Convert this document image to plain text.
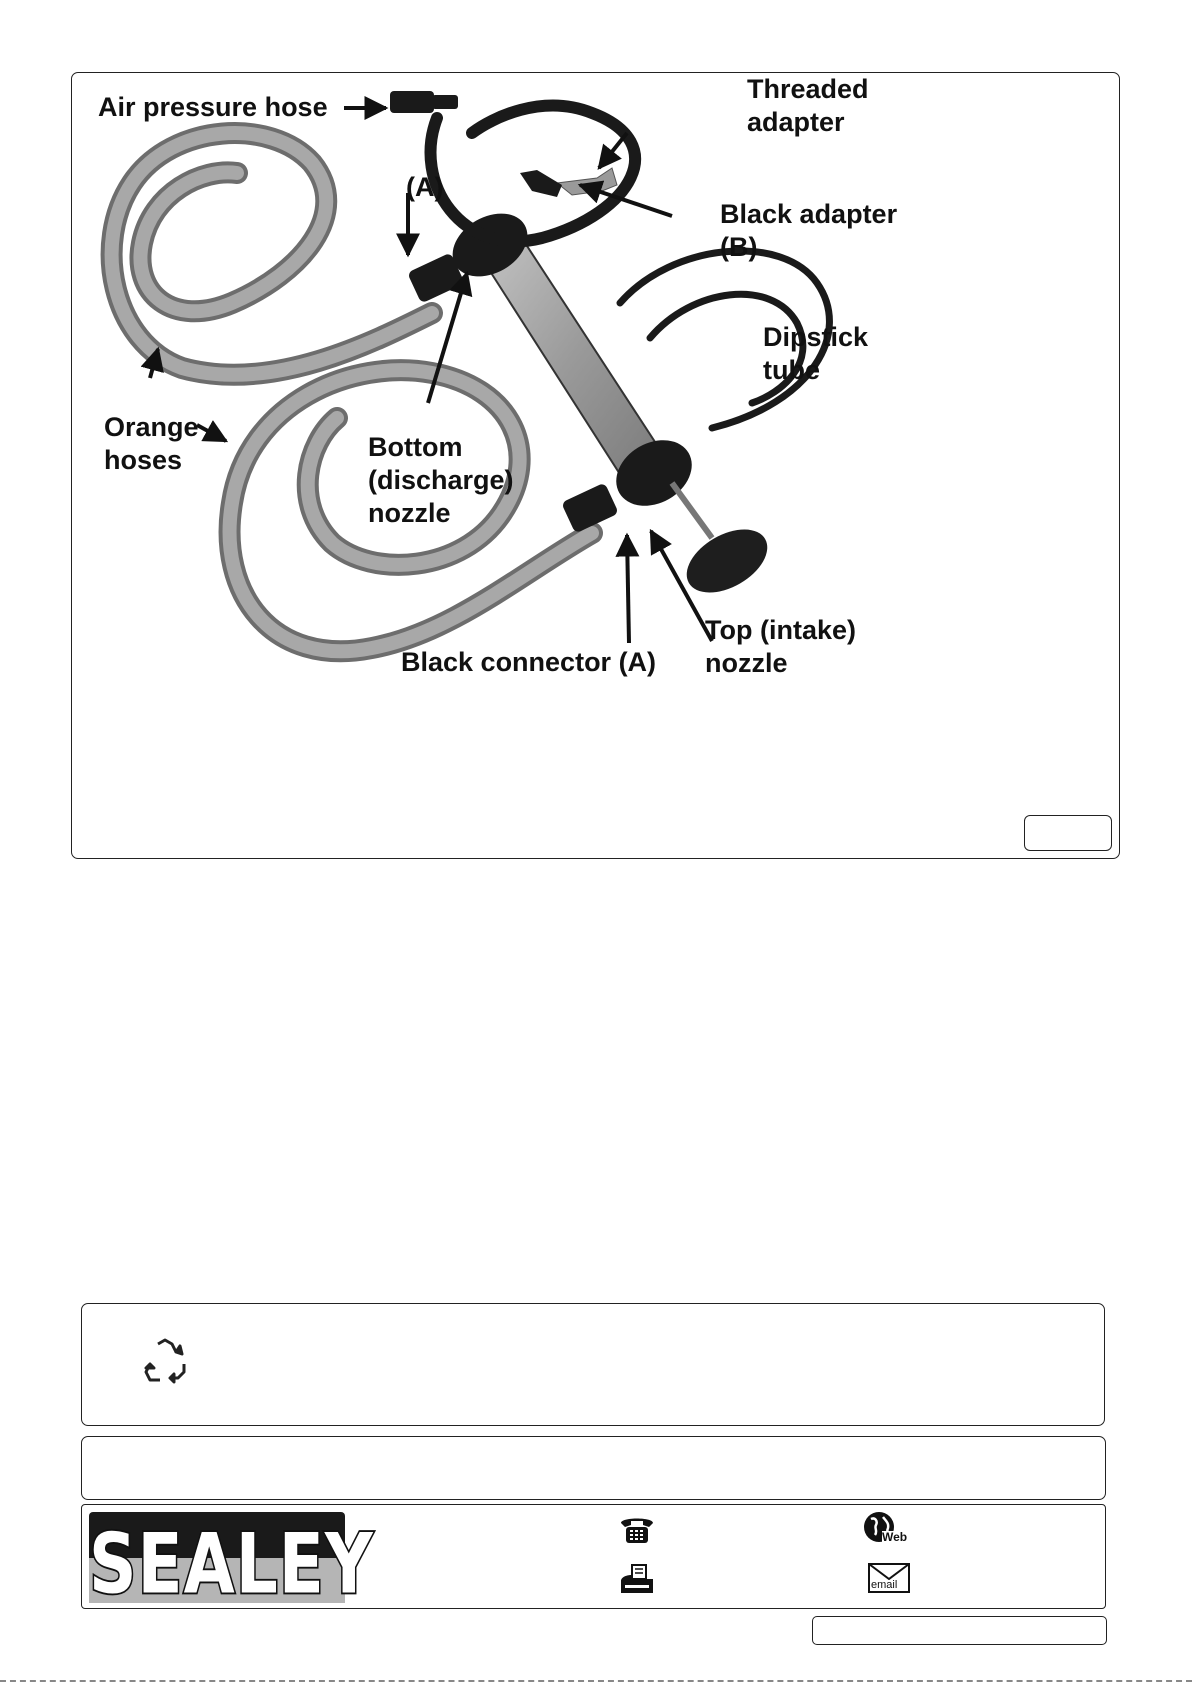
Air pressure hose
Threaded
adapter
(A)
Black adapter
(B)
Dipstick
tube
Orange
hoses	Bottom
(discharge)
nozzle
Black connector (A)
Top (intake)
nozzle
SEALEY	Web
email
